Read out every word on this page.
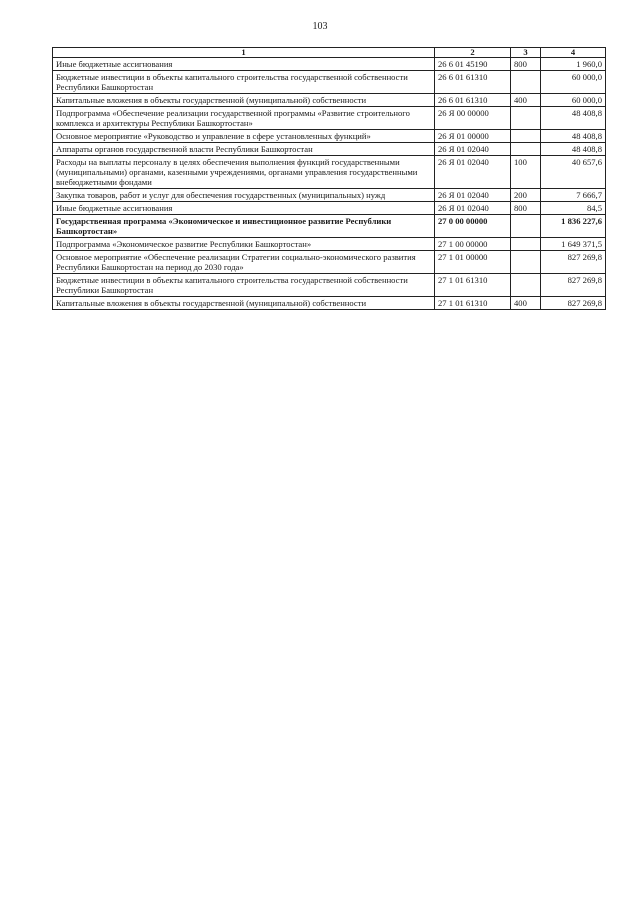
103
1	2	3	4
Иные бюджетные ассигнования	26 6 01 45190	800	1 960,0
Бюджетные инвестиции в объекты капитального строительства государственной собственности Республики Башкортостан	26 6 01 61310		60 000,0
Капитальные вложения в объекты государственной (муниципальной) собственности	26 6 01 61310	400	60 000,0
Подпрограмма «Обеспечение реализации государственной программы «Развитие строительного комплекса и архитектуры Республики Башкортостан»	26 Я 00 00000		48 408,8
Основное мероприятие «Руководство и управление в сфере установленных функций»	26 Я 01 00000		48 408,8
Аппараты органов государственной власти Республики Башкортостан	26 Я 01 02040		48 408,8
Расходы на выплаты персоналу в целях обеспечения выполнения функций государственными (муниципальными) органами, казенными учреждениями, органами управления государственными внебюджетными фондами	26 Я 01 02040	100	40 657,6
Закупка товаров, работ и услуг для обеспечения государственных (муниципальных) нужд	26 Я 01 02040	200	7 666,7
Иные бюджетные ассигнования	26 Я 01 02040	800	84,5
Государственная программа «Экономическое и инвестиционное развитие Республики Башкортостан»	27 0 00 00000		1 836 227,6
Подпрограмма «Экономическое развитие Республики Башкортостан»	27 1 00 00000		1 649 371,5
Основное мероприятие «Обеспечение реализации Стратегии социально-экономического развития Республики Башкортостан на период до 2030 года»	27 1 01 00000		827 269,8
Бюджетные инвестиции в объекты капитального строительства государственной собственности Республики Башкортостан	27 1 01 61310		827 269,8
Капитальные вложения в объекты государственной (муниципальной) собственности	27 1 01 61310	400	827 269,8
